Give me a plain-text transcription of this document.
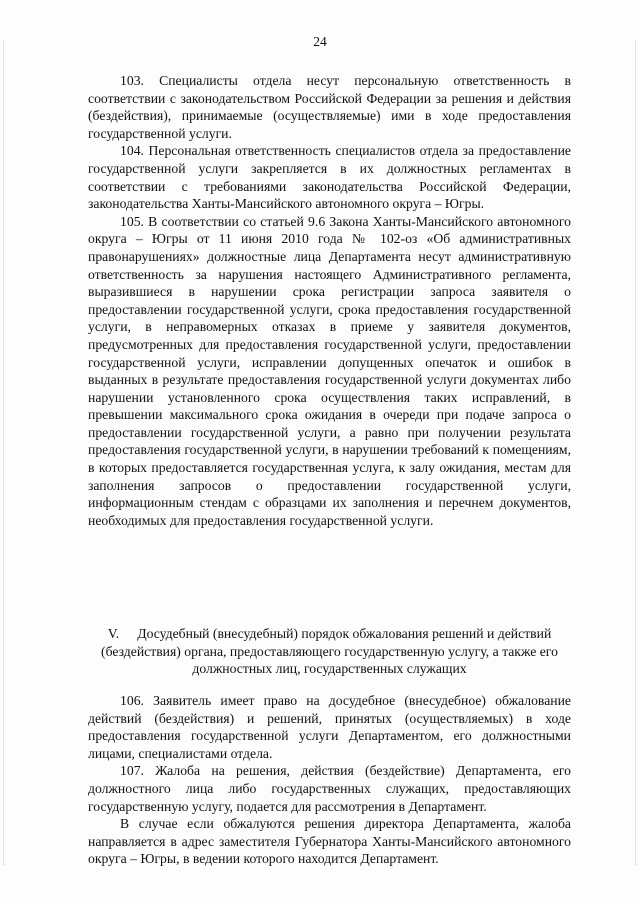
24

103. Специалисты отдела несут персональную ответственность в соответствии с законодательством Российской Федерации за решения и действия (бездействия), принимаемые (осуществляемые) ими в ходе предоставления государственной услуги.

104. Персональная ответственность специалистов отдела за предоставление государственной услуги закрепляется в их должностных регламентах в соответствии с требованиями законодательства Российской Федерации, законодательства Ханты-Мансийского автономного округа – Югры.

105. В соответствии со статьей 9.6 Закона Ханты-Мансийского автономного округа – Югры от 11 июня 2010 года № 102-оз «Об административных правонарушениях» должностные лица Департамента несут административную ответственность за нарушения настоящего Административного регламента, выразившиеся в нарушении срока регистрации запроса заявителя о предоставлении государственной услуги, срока предоставления государственной услуги, в неправомерных отказах в приеме у заявителя документов, предусмотренных для предоставления государственной услуги, предоставлении государственной услуги, исправлении допущенных опечаток и ошибок в выданных в результате предоставления государственной услуги документах либо нарушении установленного срока осуществления таких исправлений, в превышении максимального срока ожидания в очереди при подаче запроса о предоставлении государственной услуги, а равно при получении результата предоставления государственной услуги, в нарушении требований к помещениям, в которых предоставляется государственная услуга, к залу ожидания, местам для заполнения запросов о предоставлении государственной услуги, информационным стендам с образцами их заполнения и перечнем документов, необходимых для предоставления государственной услуги.

V. Досудебный (внесудебный) порядок обжалования решений и действий (бездействия) органа, предоставляющего государственную услугу, а также его должностных лиц, государственных служащих

106. Заявитель имеет право на досудебное (внесудебное) обжалование действий (бездействия) и решений, принятых (осуществляемых) в ходе предоставления государственной услуги Департаментом, его должностными лицами, специалистами отдела.

107. Жалоба на решения, действия (бездействие) Департамента, его должностного лица либо государственных служащих, предоставляющих государственную услугу, подается для рассмотрения в Департамент.

В случае если обжалуются решения директора Департамента, жалоба направляется в адрес заместителя Губернатора Ханты-Мансийского автономного округа – Югры, в ведении которого находится Департамент.
